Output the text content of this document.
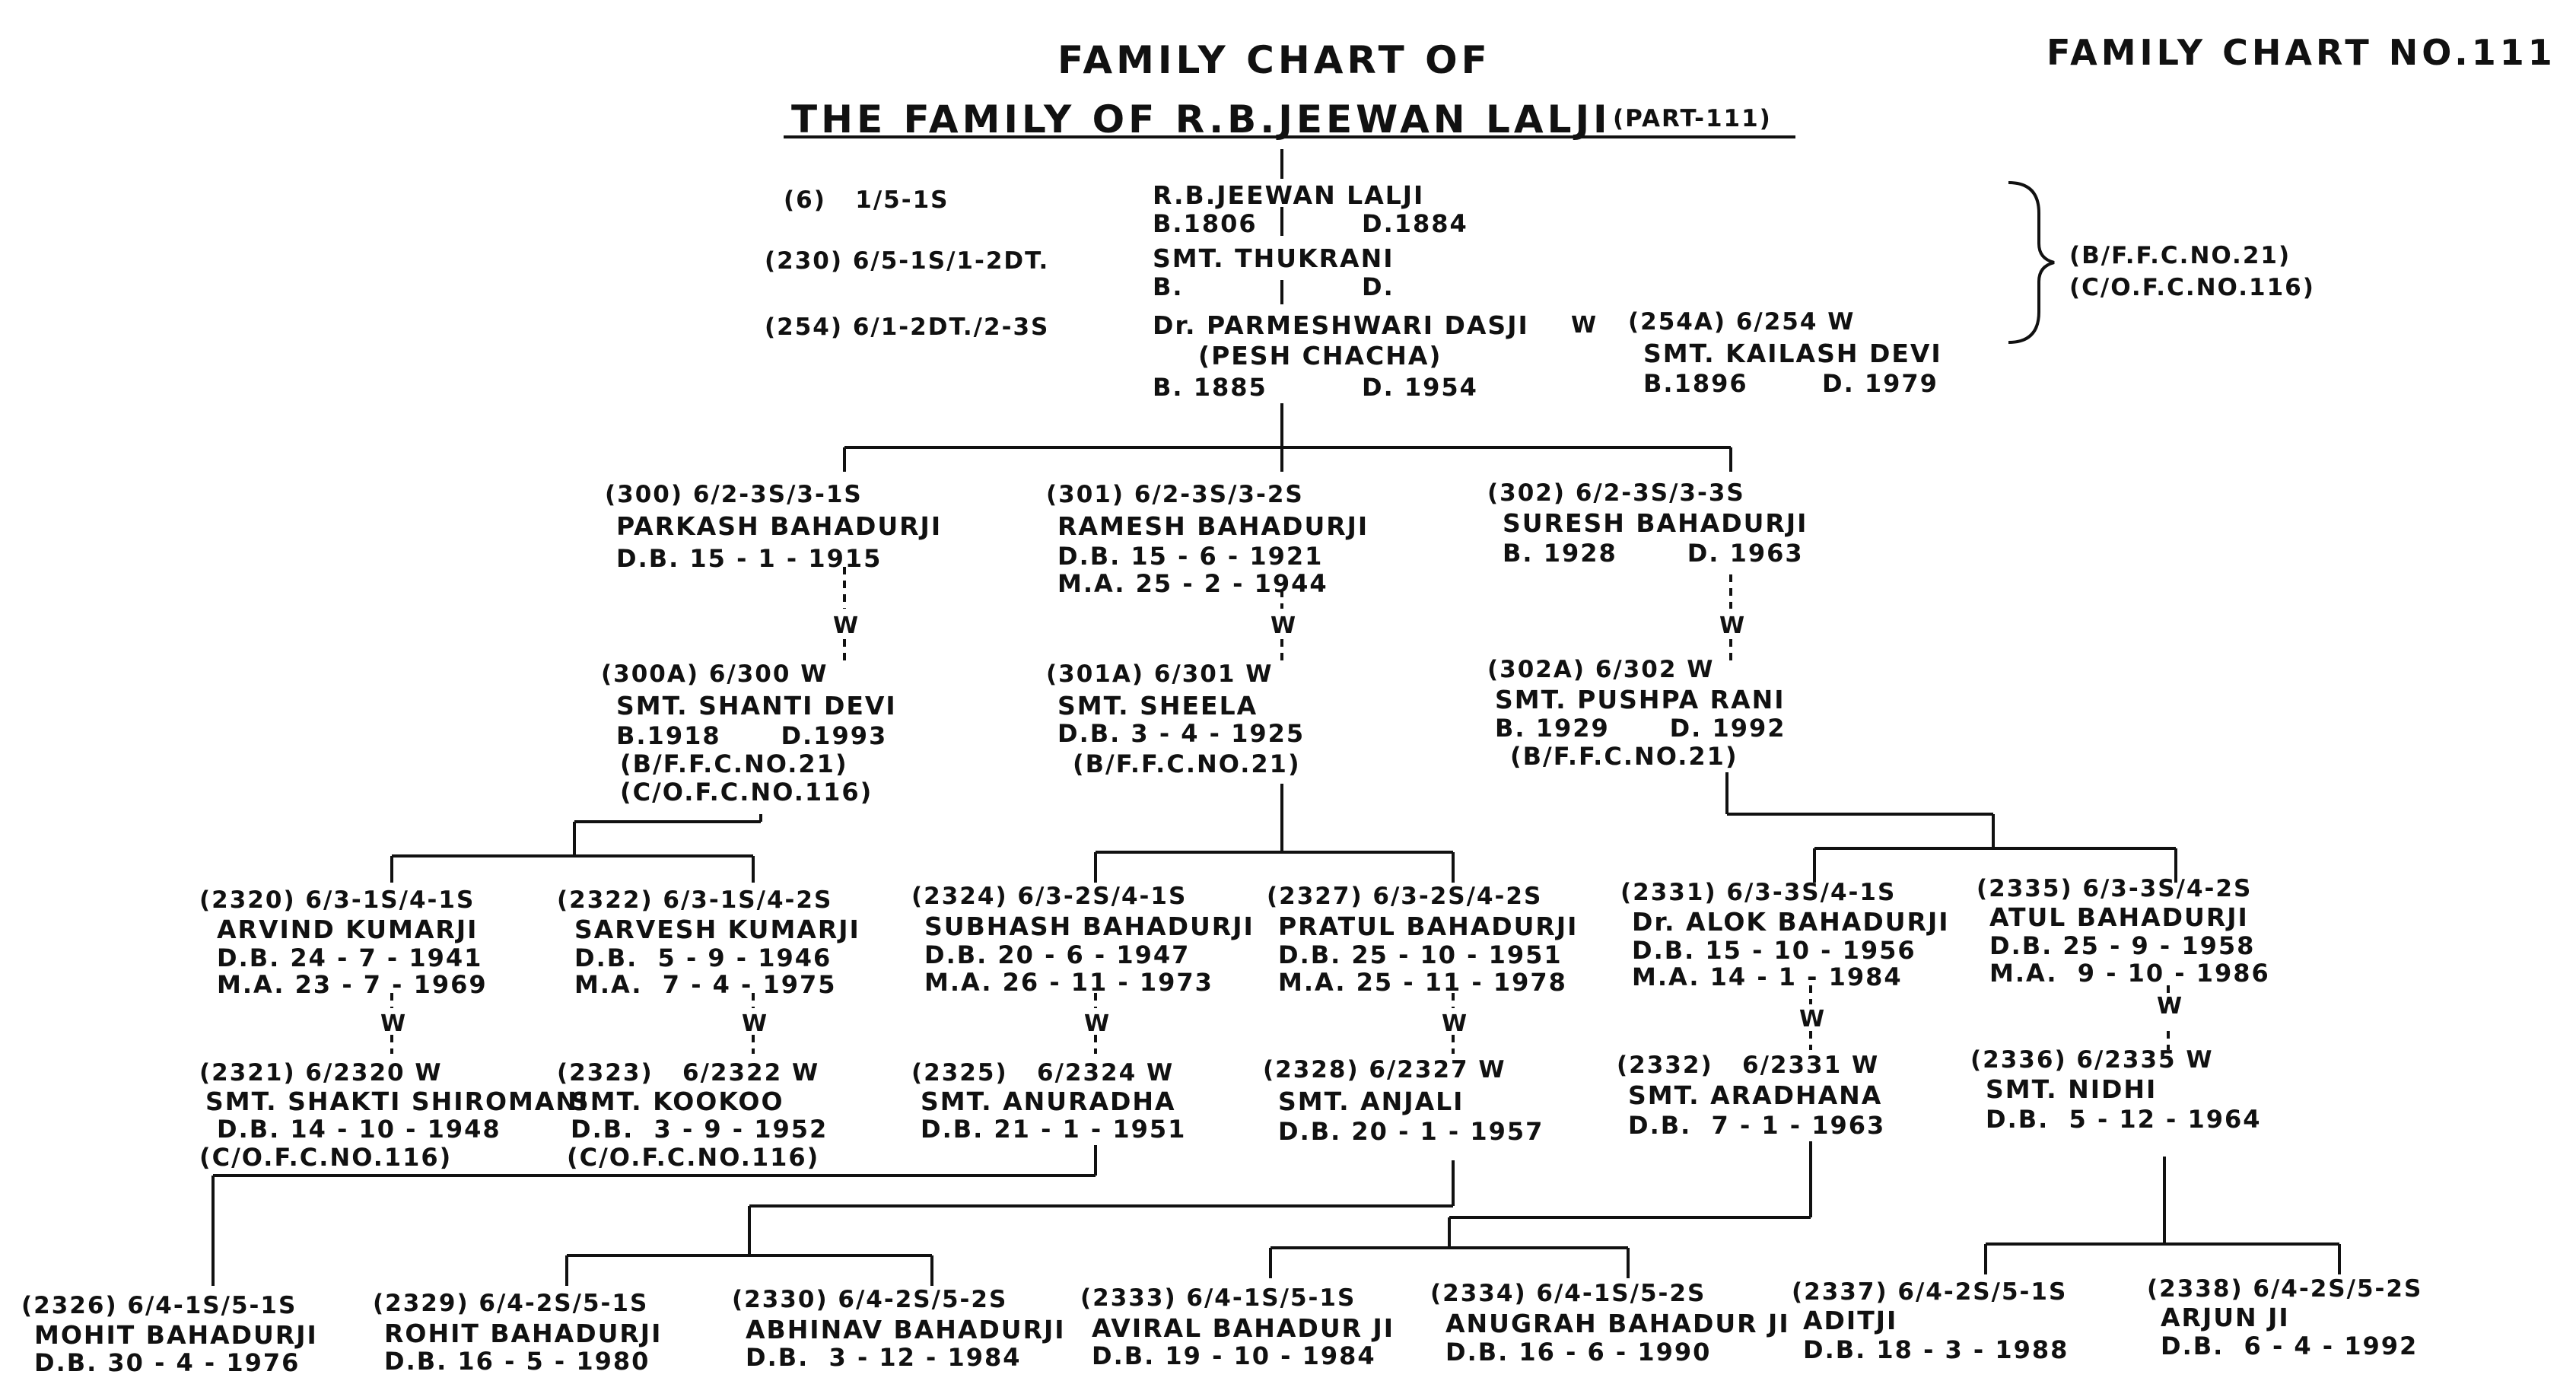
FAMILY CHART OF
THE FAMILY OF R.B.JEEWAN LALJI (PART-111)
FAMILY CHART NO.111
(6)   1/5-1S	R.B.JEEWAN LALJI
B.1806	D.1884
(230) 6/5-1S/1-2DT.	SMT. THUKRANI
B.	D.
(254) 6/1-2DT./2-3S	Dr. PARMESHWARI DASJI
(PESH CHACHA)
B. 1885	D. 1954
W (254A) 6/254 W
SMT. KAILASH DEVI
B.1896	D. 1979
(B/F.F.C.NO.21)
(C/O.F.C.NO.116)
(300) 6/2-3S/3-1S
PARKASH BAHADURJI
D.B. 15 - 1 - 1915
W
(300A) 6/300 W
SMT. SHANTI DEVI
B.1918      D.1993
(B/F.F.C.NO.21)
(C/O.F.C.NO.116)
(301) 6/2-3S/3-2S
RAMESH BAHADURJI
D.B. 15 - 6 - 1921
M.A. 25 - 2 - 1944
W
(301A) 6/301 W
SMT. SHEELA
D.B. 3 - 4 - 1925
(B/F.F.C.NO.21)
(302) 6/2-3S/3-3S
SURESH BAHADURJI
B. 1928       D. 1963
W
(302A) 6/302 W
SMT. PUSHPA RANI
B. 1929      D. 1992
(B/F.F.C.NO.21)
(2320) 6/3-1S/4-1S
ARVIND KUMARJI
D.B. 24 - 7 - 1941
M.A. 23 - 7 - 1969
W
(2321) 6/2320 W
SMT. SHAKTI SHIROMANI
D.B. 14 - 10 - 1948
(C/O.F.C.NO.116)
(2322) 6/3-1S/4-2S
SARVESH KUMARJI
D.B.  5 - 9 - 1946
M.A.  7 - 4 - 1975
W
(2323)   6/2322 W
SMT. KOOKOO
D.B.  3 - 9 - 1952
(C/O.F.C.NO.116)
(2324) 6/3-2S/4-1S
SUBHASH BAHADURJI
D.B. 20 - 6 - 1947
M.A. 26 - 11 - 1973
W
(2325)   6/2324 W
SMT. ANURADHA
D.B. 21 - 1 - 1951
(2327) 6/3-2S/4-2S
PRATUL BAHADURJI
D.B. 25 - 10 - 1951
M.A. 25 - 11 - 1978
W
(2328) 6/2327 W
SMT. ANJALI
D.B. 20 - 1 - 1957
(2331) 6/3-3S/4-1S
Dr. ALOK BAHADURJI
D.B. 15 - 10 - 1956
M.A. 14 - 1 - 1984
W
(2332)   6/2331 W
SMT. ARADHANA
D.B.  7 - 1 - 1963
(2335) 6/3-3S/4-2S
ATUL BAHADURJI
D.B. 25 - 9 - 1958
M.A.  9 - 10 - 1986
W
(2336) 6/2335 W
SMT. NIDHI
D.B.  5 - 12 - 1964
(2326) 6/4-1S/5-1S
MOHIT BAHADURJI
D.B. 30 - 4 - 1976
(2329) 6/4-2S/5-1S
ROHIT BAHADURJI
D.B. 16 - 5 - 1980
(2330) 6/4-2S/5-2S
ABHINAV BAHADURJI
D.B.  3 - 12 - 1984
(2333) 6/4-1S/5-1S
AVIRAL BAHADUR JI
D.B. 19 - 10 - 1984
(2334) 6/4-1S/5-2S
ANUGRAH BAHADUR JI
D.B. 16 - 6 - 1990
(2337) 6/4-2S/5-1S
ADITJI
D.B. 18 - 3 - 1988
(2338) 6/4-2S/5-2S
ARJUN JI
D.B.  6 - 4 - 1992
